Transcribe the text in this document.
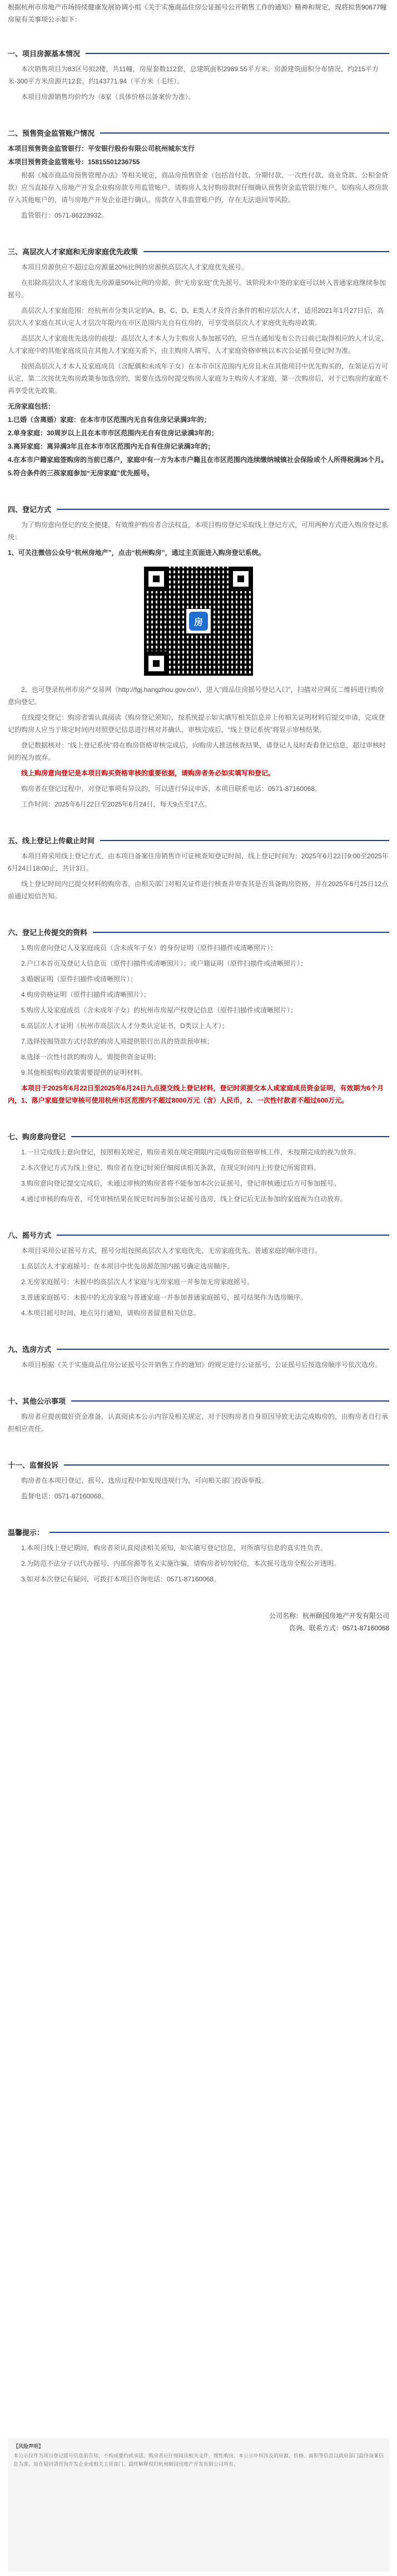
根据杭州市房地产市场持续健康发展协调小组《关于实施商品住房公证摇号公开销售工作的通知》精神和规定，现将拟售90677幢房屋有关事项公示如下：

一、项目房源基本情况

本次销售项目为83区号拟2楼，共11幢，房屋套数112套，总建筑面积2989.55平方米。房源建筑面积分布情况，约215平方米-300平方米房源共12套，约143771.94（平方米（毛坯）。

本项目房源销售均价约为（6家（具体价格以备案价为准）。

二、预售资金监管账户情况

本项目预售资金监管银行：平安银行股份有限公司杭州城东支行

本项目预售资金监管账号：15815501236755

根据《城市商品房预售管理办法》等相关规定，商品房预售资金（包括首付款、分期付款、一次性付款、商业贷款、公积金贷款）应当直接存入房地产开发企业购房款专用监管账户，请购房人支付购房款时仔细确认预售资金监管银行账户，如购房人将房款存入其他账户的，请与房地产开发企业进行确认。房款存入非监管账户的，存在无法退回等风险。

监管银行：0571-86223932。

三、高层次人才家庭和无房家庭优先政策

本项目房源供应不超过总房源量20%比例的房源供高层次人才家庭优先摇号。

在扣除高层次人才家庭优先房源量50%比例的房源，供“无房家庭”优先摇号。该阶段未中签的家庭可以转入普通家庭继续参加摇号。

高层次人才家庭范围：经杭州市分类认定的A、B、C、D、E类人才及符合条件的相应层次人才，适用2021年1月27日后，高层次人才家庭在其认定人才层次年限内在市区范围内无自有住房的，可享受高层次人才家庭优先购房政策。

高层次人才家庭优先选房的前提：高层次人才本人为主购房人参加摇号的，应当在通知发布公告日前已取得相应的人才认定、人才家庭中的其他家庭成员在其他人才家庭关系下，由主购房人填写，人才家庭资格审核以本次公证摇号登记时为准。

按照高层次人才本人及家庭成员（含配偶和未成年子女）在本市市区范围内无房且未在其他项目中优先购买的，在领证后方可认定，第二次按优先购房政策参加选房的，需要在选房时提交购房人家庭为主购房人才家庭，第一次购房后，对于已购房的家庭不再享受优先政策。

无房家庭包括：

1.已婚（含离婚）家庭：在本市市区范围内无自有住房记录满3年的；

2.单身家庭：30周岁以上且在本市市区范围内无自有住房记录满3年的；

3.离异家庭：离异满3年且在本市市区范围内无自有住房记录满3年的；

4.在本市户籍家庭签购房的当前已落户，家庭中有一方为本市户籍且在市区范围内连续缴纳城镇社会保险或个人所得税满36个月。

5.符合条件的三孩家庭参加“无房家庭”优先摇号。

四、登记方式

为了购房意向登记的安全便捷，有效维护购房者合法权益，本项目购房登记采取线上登记方式，可用两种方式进入购房登记系统：

1、可关注微信公众号“杭州房地产”，点击“杭州购房”，通过主页面进入购房登记系统。

房

2、也可登录杭州市房产交易网（http://fgj.hangzhou.gov.cn/），进入“商品住房摇号登记入口”，扫描对应网页二维码进行购房意向登记。

在线提交登记：购房者需认真阅读《购房登记须知》，按系统提示如实填写相关信息并上传相关证明材料后提交申请，完成登记的购房人应当于规定时间内对照登记信息进行核对并确认，审核完成后，“线上登记系统”将显示审核结果。

登记数据核对：“线上登记系统”将在购房资格审核完成后，向购房人推送核查结果，请登记人及时查看登记信息，超过审核时间的视为放弃。

线上购房意向登记是本项目购买资格审核的重要依据，请购房者务必如实填写和登记。

购房者在登记过程中，对登记事项有异议的，可以进行异议申诉，本项目联系电话：0571-87160068。

工作时间：2025年6月22日至2025年6月24日，每天9点至17点。

五、线上登记上传截止时间

本项目将采用线上登记方式，由本项目备案住房销售许可证核查知登记时间，线上登记时间为：2025年6月22日9:00至2025年6月24日18:00止，共计3日。

线上登记时间内已提交材料的购房者，由相关部门对相关证件进行核查并审查其是否具备购房资格，并在2025年6月25日12点前通过短信告知。

六、登记上传提交的资料

1.购房意向登记人及家庭成员（含未成年子女）的身份证明（原件扫描件或清晰照片）；

2.户口本首页及登记人信息页（原件扫描件或清晰照片）；或户籍证明（原件扫描件或清晰照片）；

3.婚姻证明（原件扫描件或清晰照片）；

4.购房资格证明（原件扫描件或清晰照片）；

5.购房人及家庭成员（含未成年子女）的杭州市房屋产权登记信息（原件扫描件或清晰照片）；

6.高层次人才证明（杭州市高层次人才分类认定证书，D类以上人才）；

7.选择按揭贷款方式付款的购房人须提供银行出具的贷款预审核；

8.选择一次性付款的购房人，需提供资金证明；

9.其他根据购房政策需要提供的证明材料。

本项目于2025年6月22日至2025年6月24日九点提交线上登记材料，登记时须提交本人或家庭成员资金证明，有效期为6个月内，1、落户家庭登记审核可使用杭州市区范围内不超过8000万元（含）人民币，2、一次性付款者不超过600万元。

七、购房意向登记

1.一旦完成线上意向登记，按照相关规定，购房者须在规定期限内完成购房资格审核工作，未按期完成的视为放弃。

2.本次登记方式为线上登记，购房者在登记时须仔细阅读相关条款，在规定时间内上传登记所需资料。

3.购房意向登记提交完成后，未通过审核的购房者将不能参加本次公证摇号，登记审核通过后方可参加摇号。

4.通过审核的购房者，可凭审核结果在规定时间参加公证摇号选房，线上登记后无法参加的家庭视为自动放弃。

八、摇号方式

本项目采用公证摇号方式，摇号分组按照高层次人才家庭优先、无房家庭优先、普通家庭的顺序进行。

1.高层次人才家庭摇号：在本项目中优先房源范围内摇号确定选房顺序。

2.无房家庭摇号：未摇中的高层次人才家庭与无房家庭一并参加无房家庭摇号。

3.普通家庭摇号：未摇中的无房家庭与普通家庭一并参加普通家庭摇号，摇号结果作为选房顺序。

4.本项目摇号时间、地点另行通知，请购房者留意相关信息。

九、选房方式

本项目根据《关于实施商品住房公证摇号公开销售工作的通知》的规定进行公证摇号，公证摇号后按选房顺序号依次选房。

十、其他公示事项

购房者应提前做好资金准备，认真阅读本公示内容及相关规定，对于因购房者自身原因导致无法完成购房的，由购房者自行承担相应责任。

十一、监督投诉

购房者在本项目登记、摇号、选房过程中如发现违规行为，可向相关部门投诉举报。

监督电话：0571-87160068。

温馨提示：

1.本项目线上登记期间，购房者须认真阅读相关须知，如实填写登记信息，对所填写信息的真实性负责。

2.为防范不法分子以代办摇号、内部房源等名义实施诈骗，请购房者切勿轻信，本次摇号选房全程公开透明。

3.如对本次登记有疑问，可拨打本项目咨询电话：0571-87160068。

公司名称：杭州颐园房地产开发有限公司
咨询、联系方式：0571-87160068
【风险声明】
本公示仅作为项目登记摇号信息的告知，不构成要约或承诺。购房者应仔细阅读相关文件，理性购房。本公示中所涉及的房源、价格、面积等信息以政府部门最终备案信息为准。如有疑问请咨询开发企业或相关主管部门。最终解释权归杭州颐园房地产开发有限公司所有。
